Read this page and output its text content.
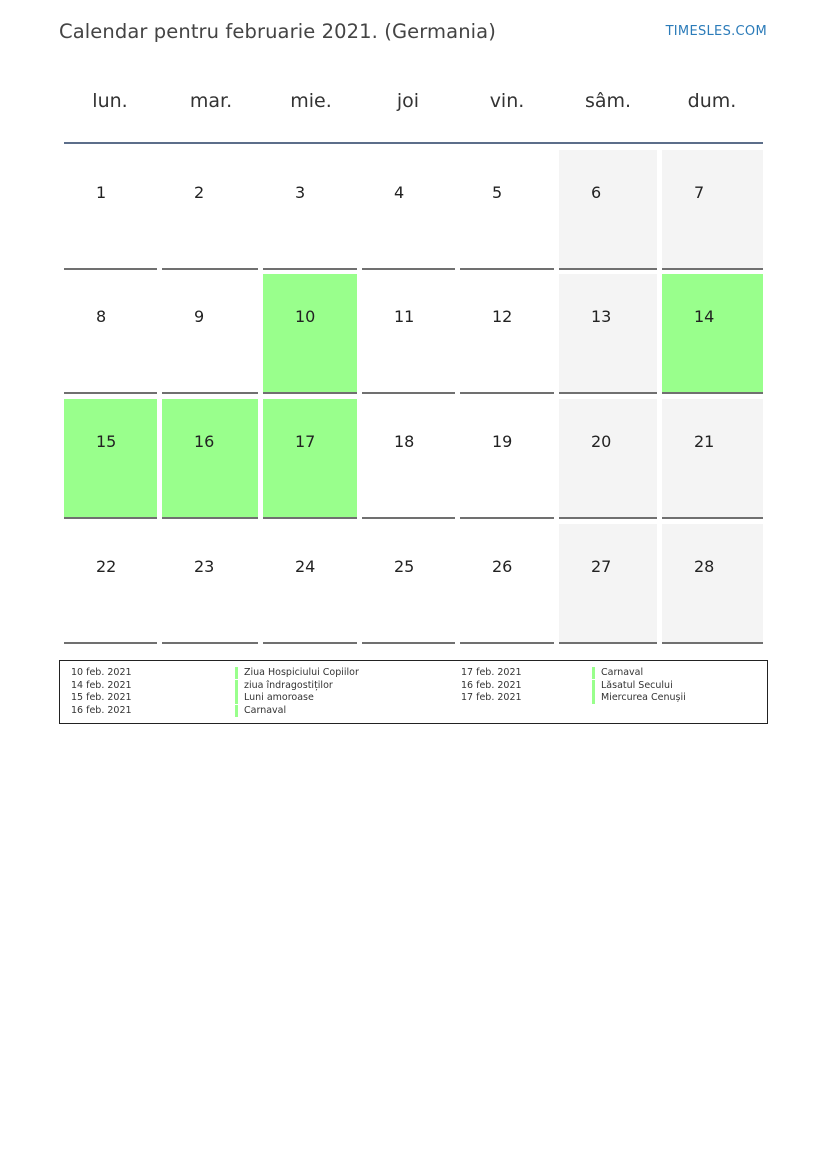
Calendar pentru februarie 2021. (Germania)	TIMESLES.COM
lun.	mar.	mie.	joi	vin.	sâm.	dum.
1	2	3	4	5	6	7
8	9	10	11	12	13	14
15	16	17	18	19	20	21
22	23	24	25	26	27	28
10 feb. 2021	Ziua Hospiciului Copiilor
14 feb. 2021	ziua îndragostiților
15 feb. 2021	Luni amoroase
16 feb. 2021	Carnaval
17 feb. 2021	Carnaval
16 feb. 2021	Lăsatul Secului
17 feb. 2021	Miercurea Cenușii
